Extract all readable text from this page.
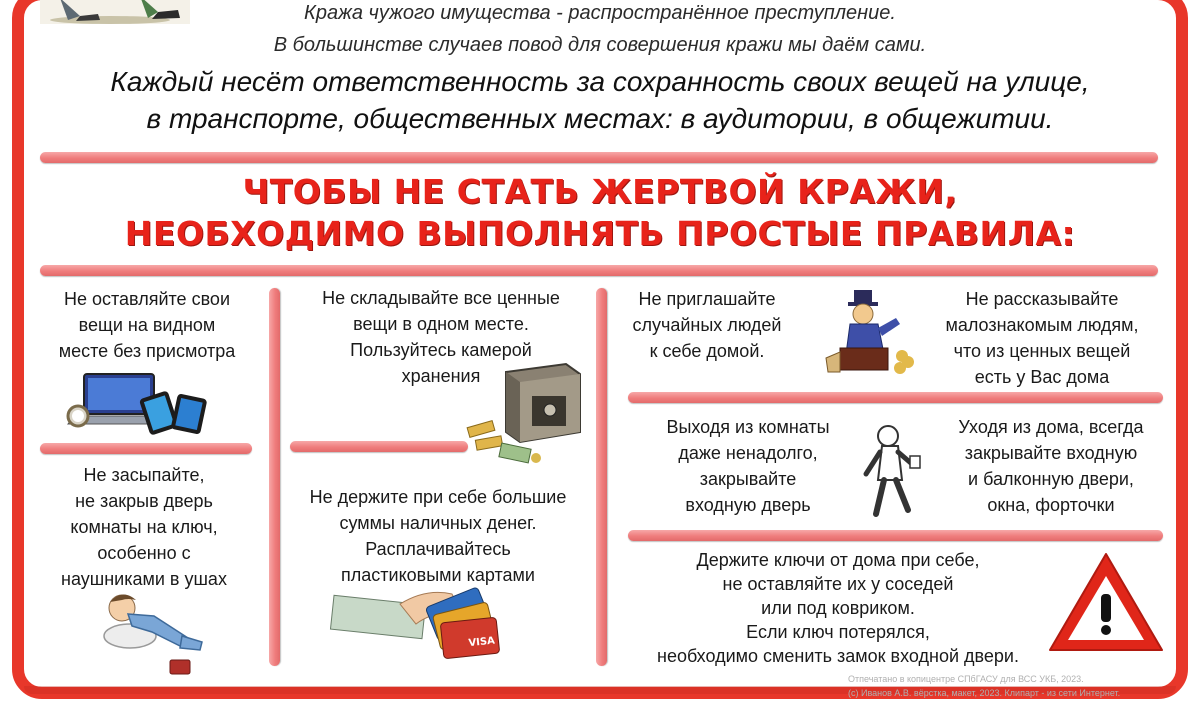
Кража чужого имущества - распространённое преступление.
В большинстве случаев повод для совершения кражи мы даём сами.
Каждый несёт ответственность за сохранность своих вещей на улице,
в транспорте, общественных местах: в аудитории, в общежитии.
ЧТОБЫ НЕ СТАТЬ ЖЕРТВОЙ КРАЖИ,
НЕОБХОДИМО ВЫПОЛНЯТЬ ПРОСТЫЕ ПРАВИЛА:
Не оставляйте свои
вещи на видном
месте без присмотра
Не засыпайте,
не закрыв дверь
комнаты на ключ,
особенно с
наушниками в ушах
Не складывайте все ценные
вещи в одном месте.
Пользуйтесь камерой
хранения
Не держите при себе большие
суммы наличных денег.
Расплачивайтесь
пластиковыми картами
VISA
Не приглашайте
случайных людей
к себе домой.
Не рассказывайте
малознакомым людям,
что из ценных вещей
есть у Вас дома
Выходя из комнаты
даже ненадолго,
закрывайте
входную дверь
Уходя из дома, всегда
закрывайте входную
и балконную двери,
окна, форточки
Держите ключи от дома при себе,
не оставляйте их у соседей
или под ковриком.
Если ключ потерялся,
необходимо сменить замок входной двери.
Отпечатано в копицентре СПбГАСУ для ВСС УКБ, 2023.
(с) Иванов А.В. вёрстка, макет, 2023. Клипарт - из сети Интернет.
